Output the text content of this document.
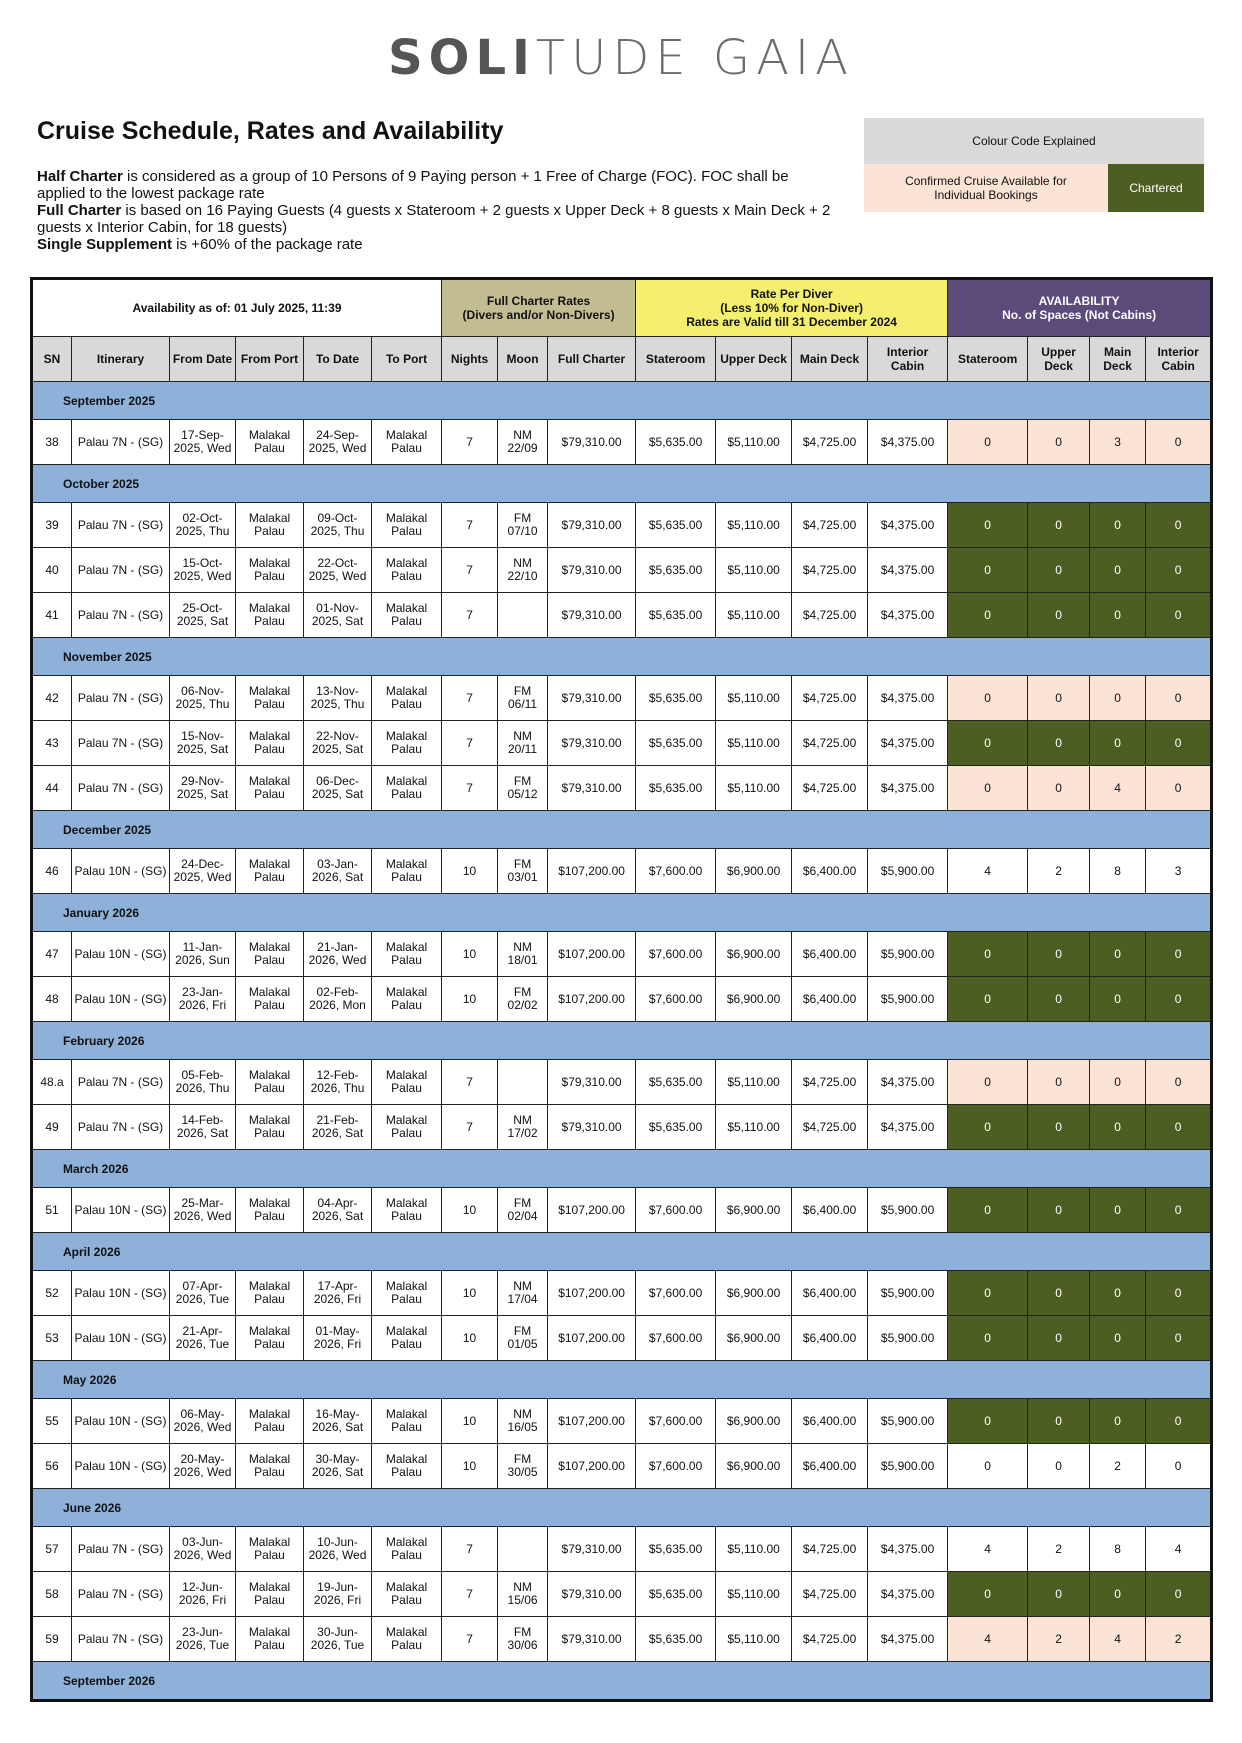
SOLITUDE GAIA
Cruise Schedule, Rates and Availability

Half Charter is considered as a group of 10 Persons of 9 Paying person + 1 Free of Charge (FOC). FOC shall be applied to the lowest package rate

Full Charter is based on 16 Paying Guests (4 guests x Stateroom + 2 guests x Upper Deck + 8 guests x Main Deck + 2 guests x Interior Cabin, for 18 guests)

Single Supplement is +60% of the package rate

Colour Code Explained
Confirmed Cruise Available for Individual Bookings	Chartered
Availability as of: 01 July 2025, 11:39						Full Charter Rates
(Divers and/or Non-Divers)			Rate Per Diver
(Less 10% for Non-Diver)
Rates are Valid till 31 December 2024				AVAILABILITY
No. of Spaces (Not Cabins)			
SN	Itinerary	From Date	From Port	To Date	To Port	Nights	Moon	Full Charter	Stateroom	Upper Deck	Main Deck	Interior Cabin	Stateroom	Upper Deck	Main Deck	Interior Cabin
September 2025																
38	Palau 7N - (SG)	17-Sep-2025, Wed	Malakal Palau	24-Sep-2025, Wed	Malakal Palau	7	NM 22/09	$79,310.00	$5,635.00	$5,110.00	$4,725.00	$4,375.00	0	0	3	0
October 2025																
39	Palau 7N - (SG)	02-Oct-2025, Thu	Malakal Palau	09-Oct-2025, Thu	Malakal Palau	7	FM 07/10	$79,310.00	$5,635.00	$5,110.00	$4,725.00	$4,375.00	0	0	0	0
40	Palau 7N - (SG)	15-Oct-2025, Wed	Malakal Palau	22-Oct-2025, Wed	Malakal Palau	7	NM 22/10	$79,310.00	$5,635.00	$5,110.00	$4,725.00	$4,375.00	0	0	0	0
41	Palau 7N - (SG)	25-Oct-2025, Sat	Malakal Palau	01-Nov-2025, Sat	Malakal Palau	7		$79,310.00	$5,635.00	$5,110.00	$4,725.00	$4,375.00	0	0	0	0
November 2025																
42	Palau 7N - (SG)	06-Nov-2025, Thu	Malakal Palau	13-Nov-2025, Thu	Malakal Palau	7	FM 06/11	$79,310.00	$5,635.00	$5,110.00	$4,725.00	$4,375.00	0	0	0	0
43	Palau 7N - (SG)	15-Nov-2025, Sat	Malakal Palau	22-Nov-2025, Sat	Malakal Palau	7	NM 20/11	$79,310.00	$5,635.00	$5,110.00	$4,725.00	$4,375.00	0	0	0	0
44	Palau 7N - (SG)	29-Nov-2025, Sat	Malakal Palau	06-Dec-2025, Sat	Malakal Palau	7	FM 05/12	$79,310.00	$5,635.00	$5,110.00	$4,725.00	$4,375.00	0	0	4	0
December 2025																
46	Palau 10N - (SG)	24-Dec-2025, Wed	Malakal Palau	03-Jan-2026, Sat	Malakal Palau	10	FM 03/01	$107,200.00	$7,600.00	$6,900.00	$6,400.00	$5,900.00	4	2	8	3
January 2026																
47	Palau 10N - (SG)	11-Jan-2026, Sun	Malakal Palau	21-Jan-2026, Wed	Malakal Palau	10	NM 18/01	$107,200.00	$7,600.00	$6,900.00	$6,400.00	$5,900.00	0	0	0	0
48	Palau 10N - (SG)	23-Jan-2026, Fri	Malakal Palau	02-Feb-2026, Mon	Malakal Palau	10	FM 02/02	$107,200.00	$7,600.00	$6,900.00	$6,400.00	$5,900.00	0	0	0	0
February 2026																
48.a	Palau 7N - (SG)	05-Feb-2026, Thu	Malakal Palau	12-Feb-2026, Thu	Malakal Palau	7		$79,310.00	$5,635.00	$5,110.00	$4,725.00	$4,375.00	0	0	0	0
49	Palau 7N - (SG)	14-Feb-2026, Sat	Malakal Palau	21-Feb-2026, Sat	Malakal Palau	7	NM 17/02	$79,310.00	$5,635.00	$5,110.00	$4,725.00	$4,375.00	0	0	0	0
March 2026																
51	Palau 10N - (SG)	25-Mar-2026, Wed	Malakal Palau	04-Apr-2026, Sat	Malakal Palau	10	FM 02/04	$107,200.00	$7,600.00	$6,900.00	$6,400.00	$5,900.00	0	0	0	0
April 2026																
52	Palau 10N - (SG)	07-Apr-2026, Tue	Malakal Palau	17-Apr-2026, Fri	Malakal Palau	10	NM 17/04	$107,200.00	$7,600.00	$6,900.00	$6,400.00	$5,900.00	0	0	0	0
53	Palau 10N - (SG)	21-Apr-2026, Tue	Malakal Palau	01-May-2026, Fri	Malakal Palau	10	FM 01/05	$107,200.00	$7,600.00	$6,900.00	$6,400.00	$5,900.00	0	0	0	0
May 2026																
55	Palau 10N - (SG)	06-May-2026, Wed	Malakal Palau	16-May-2026, Sat	Malakal Palau	10	NM 16/05	$107,200.00	$7,600.00	$6,900.00	$6,400.00	$5,900.00	0	0	0	0
56	Palau 10N - (SG)	20-May-2026, Wed	Malakal Palau	30-May-2026, Sat	Malakal Palau	10	FM 30/05	$107,200.00	$7,600.00	$6,900.00	$6,400.00	$5,900.00	0	0	2	0
June 2026																
57	Palau 7N - (SG)	03-Jun-2026, Wed	Malakal Palau	10-Jun-2026, Wed	Malakal Palau	7		$79,310.00	$5,635.00	$5,110.00	$4,725.00	$4,375.00	4	2	8	4
58	Palau 7N - (SG)	12-Jun-2026, Fri	Malakal Palau	19-Jun-2026, Fri	Malakal Palau	7	NM 15/06	$79,310.00	$5,635.00	$5,110.00	$4,725.00	$4,375.00	0	0	0	0
59	Palau 7N - (SG)	23-Jun-2026, Tue	Malakal Palau	30-Jun-2026, Tue	Malakal Palau	7	FM 30/06	$79,310.00	$5,635.00	$5,110.00	$4,725.00	$4,375.00	4	2	4	2
September 2026																
